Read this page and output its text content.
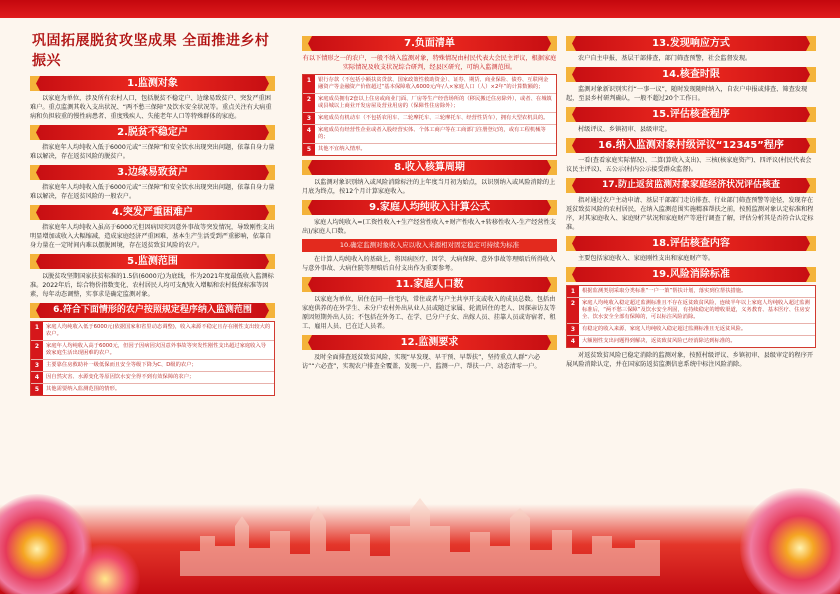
巩固拓展脱贫攻坚成果 全面推进乡村振兴
1.监测对象
以家庭为单位，涉及所有农村人口，包括脱贫不稳定户、边缘易致贫户、突发严重困难户。重点监测其收入支出状况、“两不愁三保障”及饮水安全状况等。重点关注有大病重病和负担较重的慢性病患者、重度残疾人、失能老年人口等特殊群体的家庭。
2.脱贫不稳定户
指家庭年人均纯收入低于6000元或“三保障”和安全饮水出现突出问题，依靠自身力量难以解决，存在返贫风险的脱贫户。
3.边缘易致贫户
指家庭年人均纯收入低于6000元或“三保障”和安全饮水出现突出问题，依靠自身力量难以解决，存在返贫风险的一般农户。
4.突发严重困难户
指家庭年人均纯收入虽高于6000元但因病因灾因意外事故等突发情况，导致刚性支出明显增加或收入大幅缩减，造成家庭经济严重困难，基本生产生活受到严重影响，依靠自身力量在一定时间内难以摆脱困境，存在返贫致贫风险的农户。
5.监测范围
以脱贫攻坚期国家扶贫标准的1.5倍(6000元)为底线，作为2021年度最低收入监测标准。2022年后，综合物价指数变化、农村居民人均可支配收入增幅和农村低保标准等因素，每年动态调整，实事求是确定监测对象。
6.符合下面情形的农户按照规定程序纳入监测范围
1	家庭人均纯收入低于6000元(依据国家和省里动态调整)，收入来源不稳定且存在刚性支出较大的农户。
2	家庭年人均纯收入高于6000元，但因子因病因灾因意外事故等突发性刚性支出超过家庭收入导致家庭生活出现困难的农户。
3	主要靠住房救助补一级低保而且安全等级下降为C、D级的农户；
4	因自然灾害、水源变化等原因饮水安全得不到有效保障的农户；
5	其他需要纳入监测范围的情形。
7.负面清单
有以下情形之一的农户，一般不纳入监测对象，特殊情况由村民代表大会民主评议，根据家庭实际情况及收支状况综合研判，经县区研究，可纳入监测范围。
1	银行存款（不包括小额扶贫贷款、国家政策性救助资金）、证券、期货、商业保险、债券、互联网金融资产等金融资产价值超过“基本保障收入6000元/年/人×家庭人口（人）×2年”的计算数额的；
2	家庭成员拥有2套以上住房或商业门面、厂房等生产经营场所的（移民搬迁住房除外），或者、在城镇或县城以上商业开发房屋及营业用房的（保障性住房除外）；
3	家庭成员有机动车（不包括农用车、二轮摩托车、三轮摩托车、经营性货车），拥有大型农机具的。
4	家庭成员有经营性企业或者入股经营实体、个体工商户等在工商部门注册登记的，或有工程机械等的；
5	其他不宜纳入情形。
8.收入核算周期
以监测对象识别纳入或风险消除标注的上年度当月初为始点，以识别纳入或风险消除的上月底为终点，按12个月计算家庭收入。
9.家庭人均纯收入计算公式
家庭人均纯收入=(工资性收入+生产经营性收入+财产性收入+转移性收入-生产经营性支出)/家庭人口数。
10.确定监测对象收入应以收入来源相对固定稳定可持续为标准
在计算人均纯收入的基础上，将因病医疗、因学、大病保障、意外事故等理赔后所得收入与意外事故、大病住院等理赔后自付支出作为重要参考。
11.家庭人口数
以家庭为单位，居住在同一住宅内，常住或者与户主共享开支或收入的成员总数。包括由家庭供养的在外学生、未分户农村外出从业人员或随迁家属、轮流居住的老人、因探亲访友等原因短期外出人员；不包括在外务工、在学、已分户子女、出嫁人员、挂靠人员或寄宿者、租工、雇用人员、已在迁人员者。
12.监测要求
及时全面排查返贫致贫风险，实现“早发现、早干预、早帮扶”，坚持重点人群“六必访”“六必查”，实现农户排查全覆盖，发现一户、监测一户、帮扶一户、动态清零一户。
13.发现响应方式
农户自主申报，基层干部排查，部门筛查预警，社会监督发现。
14.核查时限
监测对象新识别实行“一事一议”，随时发现随时纳入，自农户申报或排查、筛查发现起，至县乡村研判确认，一般不超过20个工作日。
15.评估核查程序
村级评议、乡镇初审、县级审定。
16.纳入监测对象村级评议“12345”程序
一看(查看家庭实际情况)、二算(算收入支出)、三核(核家庭资产)、四评议(村民代表会议民主评议)、五公示(村内公示接受群众监督)。
17.防止返贫监测对象家庭经济状况评估核查
指对通过农户主动申请、基层干部部门走访排查、行业部门筛查预警等途径，发现存在返贫致贫风险的农村居民，在纳入监测范围实施精准帮扶之前，按照监测对象认定标准和程序，对其家庭收入、家庭财产状况和家庭财产等进行调查了解，评估分析其是否符合认定标准。
18.评估核查内容
主要包括家庭收入、家庭刚性支出和家庭财产等。
19.风险消除标准
1	根据监测类别采取分类标准“一户一策”帮扶计划，落实到位帮扶措施。
2	家庭人均纯收入稳定超过监测标准且不存在返贫致贫风险，连续半年以上家庭人均纯收入超过监测标准后，“两不愁三保障”及饮水安全巩固，有持续稳定的增收渠道，义务教育、基本医疗、住房安全、饮水安全全部有保障的，可以标注风险消除。
3	有稳定的收入来源，家庭人均纯收入稳定超过监测标准且无返贫风险。
4	大额刚性支出问题得到解决，返贫致贫风险已经消除达到标准的。
对返贫致贫风险已稳定消除的监测对象，按照村级评议、乡镇初审、县级审定的程序开展风险消除认定，并在国家防返贫监测信息系统中标注风险消除。
